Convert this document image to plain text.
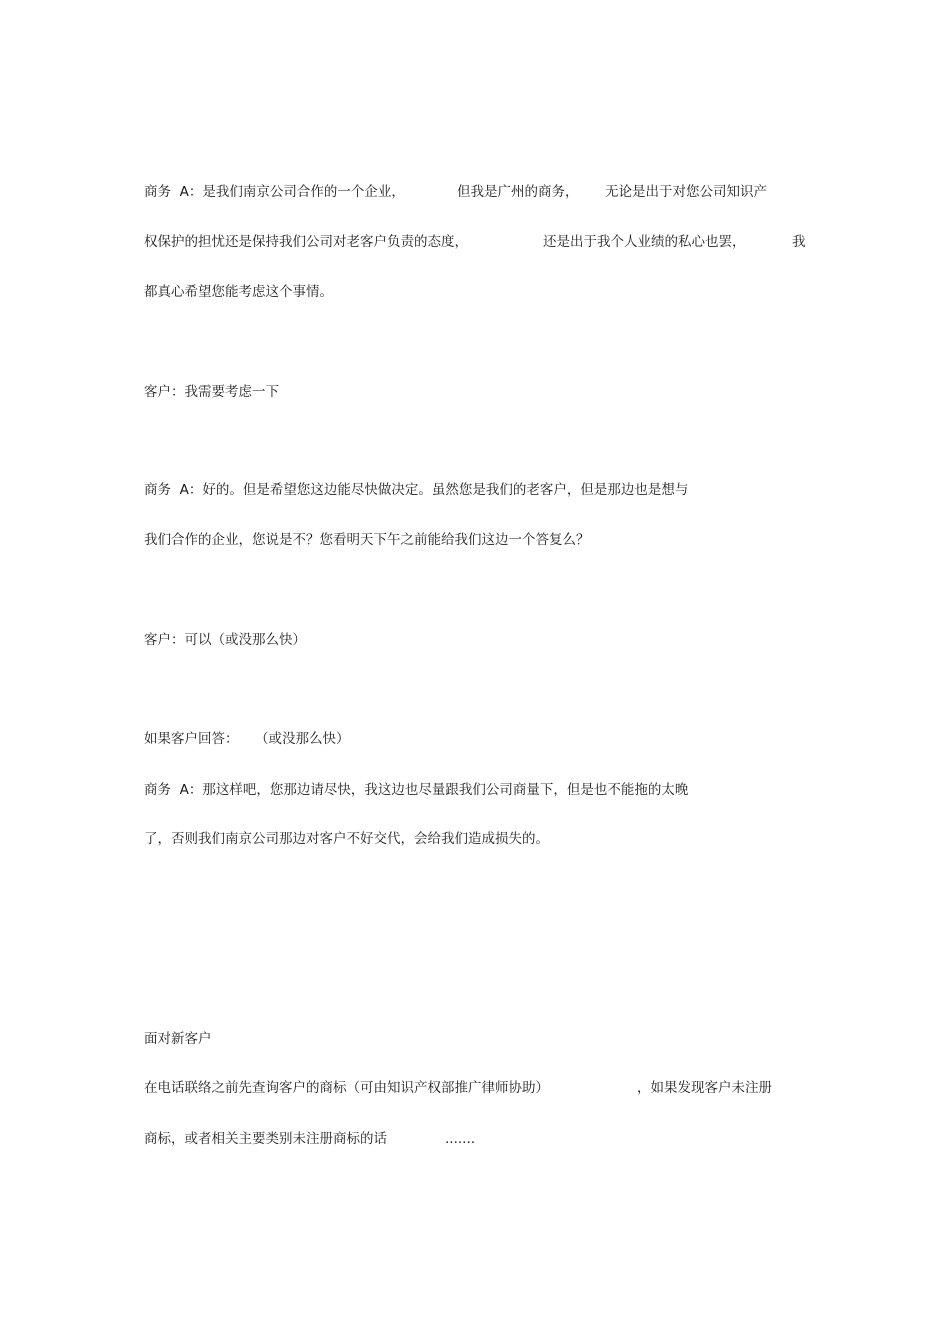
商务  A：是我们南京公司合作的一个企业，

	但我是广州的商务，

无论是出于对您公司知识产

权保护的担忧还是保持我们公司对老客户负责的态度，

	还是出于我个人业绩的私心也罢，

	我

都真心希望您能考虑这个事情。
客户：我需要考虑一下
商务  A：好的。但是希望您这边能尽快做决定。虽然您是我们的老客户，但是那边也是想与
我们合作的企业，您说是不？您看明天下午之前能给我们这边一个答复么？
客户：可以（或没那么快）

如果客户回答：

（或没那么快）

商务  A：那这样吧，您那边请尽快，我这边也尽量跟我们公司商量下，但是也不能拖的太晚
了，否则我们南京公司那边对客户不好交代，会给我们造成损失的。
面对新客户

在电话联络之前先查询客户的商标（可由知识产权部推广律师协助）

	，如果发现客户未注册

商标，或者相关主要类别未注册商标的话

	.......
